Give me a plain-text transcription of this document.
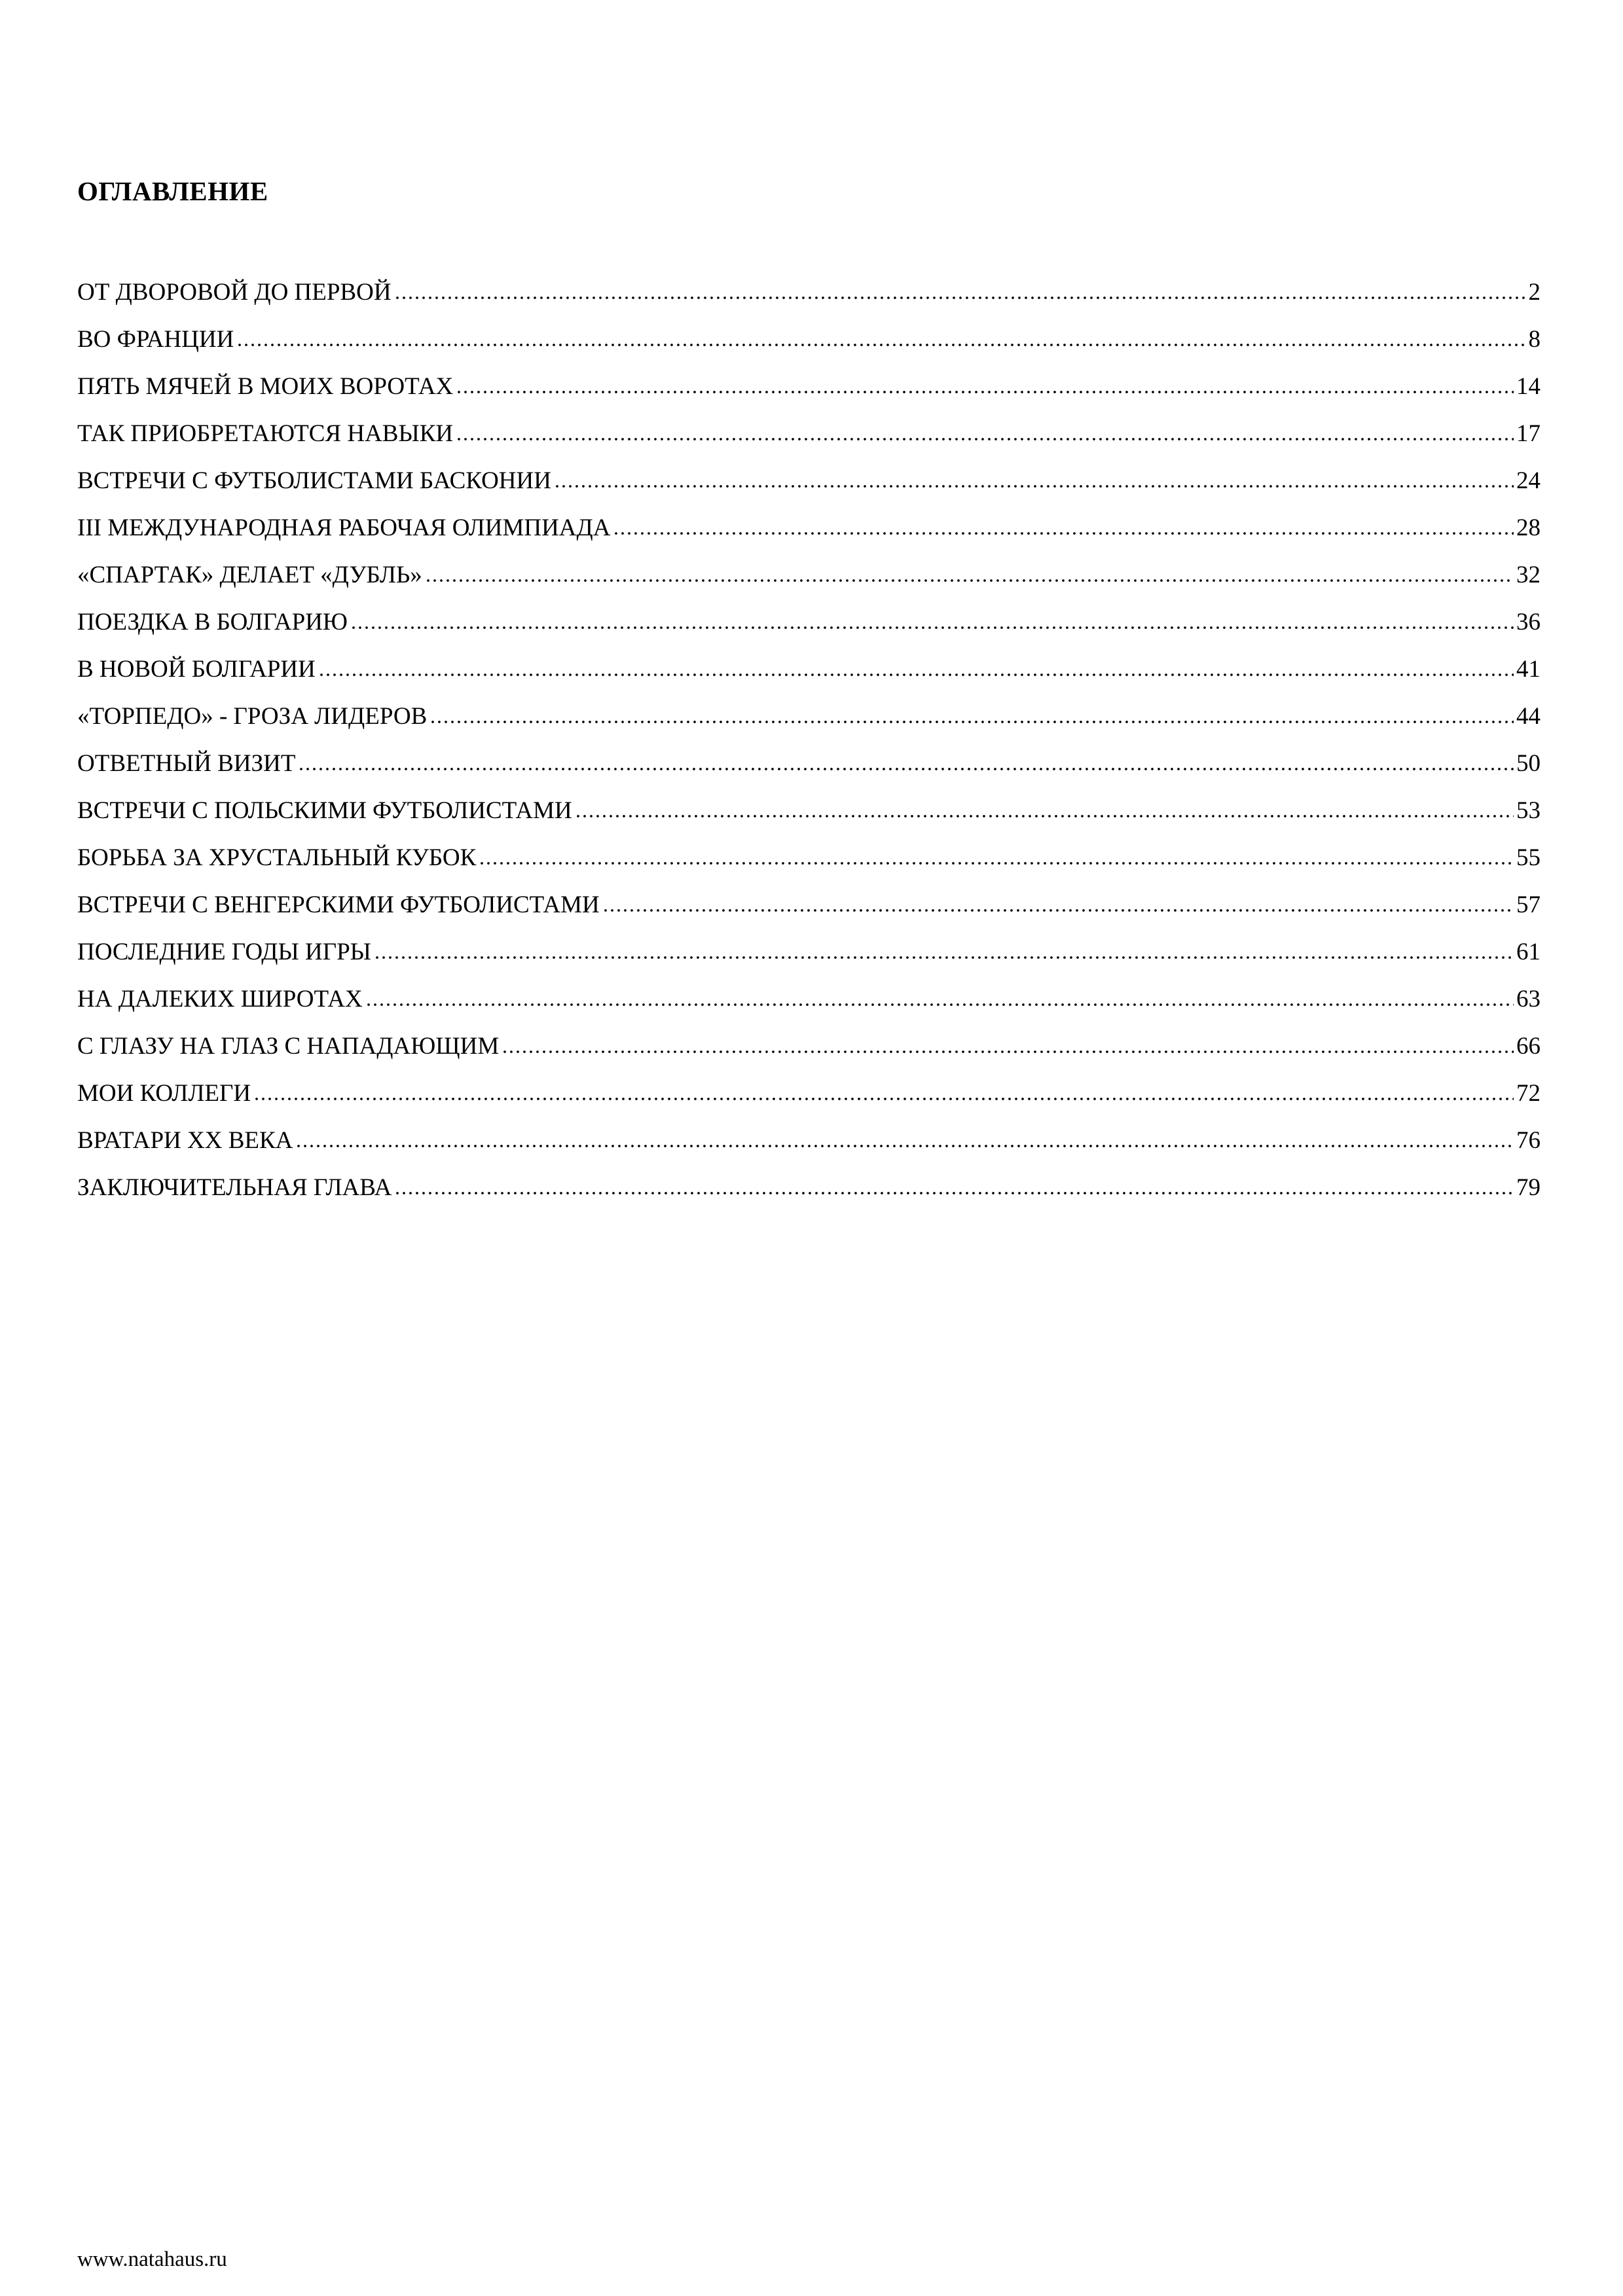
ОГЛАВЛЕНИЕ
ОТ ДВОРОВОЙ ДО ПЕРВОЙ	2
ВО ФРАНЦИИ	8
ПЯТЬ МЯЧЕЙ В МОИХ ВОРОТАХ	14
ТАК ПРИОБРЕТАЮТСЯ НАВЫКИ	17
ВСТРЕЧИ С ФУТБОЛИСТАМИ БАСКОНИИ	24
III МЕЖДУНАРОДНАЯ РАБОЧАЯ ОЛИМПИАДА	28
«СПАРТАК» ДЕЛАЕТ «ДУБЛЬ»	32
ПОЕЗДКА В БОЛГАРИЮ	36
В НОВОЙ БОЛГАРИИ	41
«ТОРПЕДО» - ГРОЗА ЛИДЕРОВ	44
ОТВЕТНЫЙ ВИЗИТ	50
ВСТРЕЧИ С ПОЛЬСКИМИ ФУТБОЛИСТАМИ	53
БОРЬБА ЗА ХРУСТАЛЬНЫЙ КУБОК	55
ВСТРЕЧИ С ВЕНГЕРСКИМИ ФУТБОЛИСТАМИ	57
ПОСЛЕДНИЕ ГОДЫ ИГРЫ	61
НА ДАЛЕКИХ ШИРОТАХ	63
С ГЛАЗУ НА ГЛАЗ С НАПАДАЮЩИМ	66
МОИ КОЛЛЕГИ	72
ВРАТАРИ XX ВЕКА	76
ЗАКЛЮЧИТЕЛЬНАЯ ГЛАВА	79
www.natahaus.ru
